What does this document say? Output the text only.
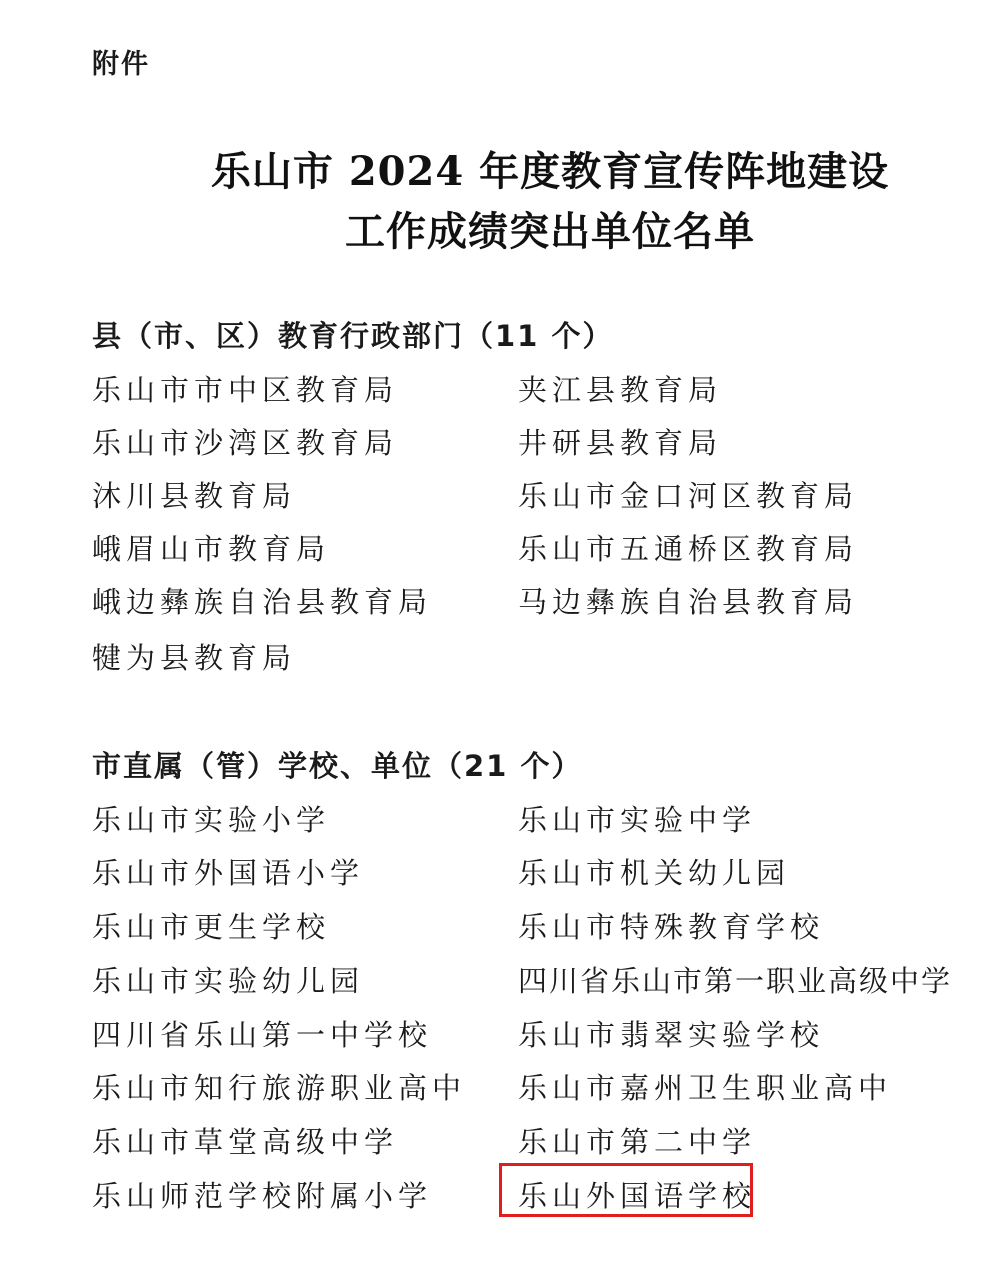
附件
乐山市 2024 年度教育宣传阵地建设
工作成绩突出单位名单
县（市、区）教育行政部门（11 个）
乐山市市中区教育局	夹江县教育局
乐山市沙湾区教育局	井研县教育局
沐川县教育局	乐山市金口河区教育局
峨眉山市教育局	乐山市五通桥区教育局
峨边彝族自治县教育局	马边彝族自治县教育局
犍为县教育局
市直属（管）学校、单位（21 个）
乐山市实验小学	乐山市实验中学
乐山市外国语小学	乐山市机关幼儿园
乐山市更生学校	乐山市特殊教育学校
乐山市实验幼儿园	四川省乐山市第一职业高级中学
四川省乐山第一中学校	乐山市翡翠实验学校
乐山市知行旅游职业高中 乐山市嘉州卫生职业高中
乐山市草堂高级中学	乐山市第二中学
乐山师范学校附属小学	乐山外国语学校
